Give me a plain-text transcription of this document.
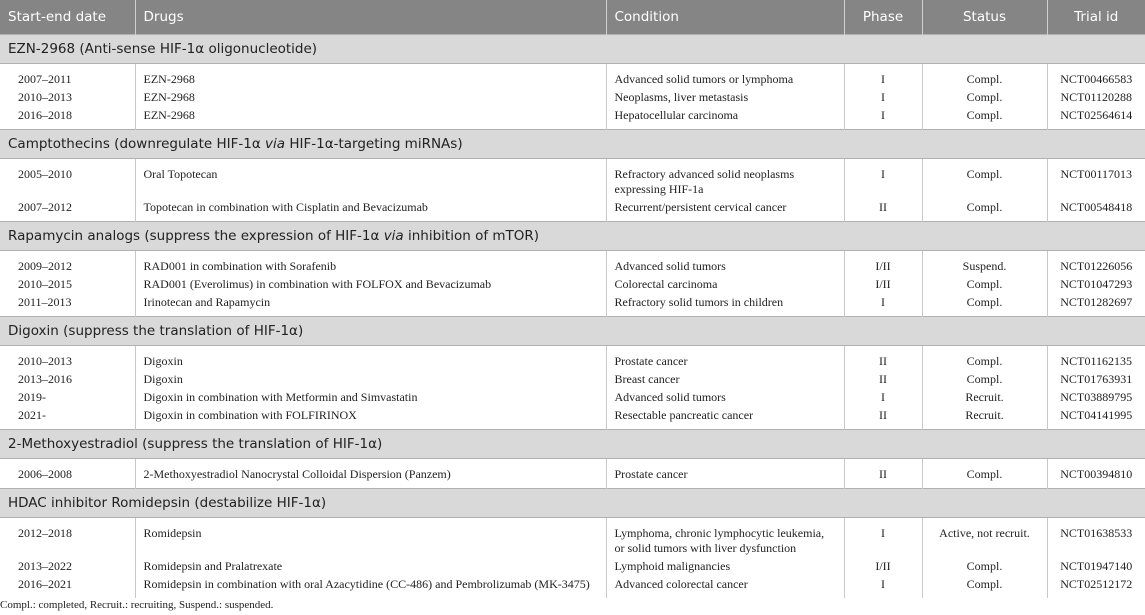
Start-end date	Drugs	Condition	Phase	Status	Trial id
EZN-2968 (Anti-sense HIF-1α oligonucleotide)					
2007–2011	EZN-2968	Advanced solid tumors or lymphoma	I	Compl.	NCT00466583
2010–2013	EZN-2968	Neoplasms, liver metastasis	I	Compl.	NCT01120288
2016–2018	EZN-2968	Hepatocellular carcinoma	I	Compl.	NCT02564614
Camptothecins (downregulate HIF-1α via HIF-1α-targeting miRNAs)					
2005–2010	Oral Topotecan	Refractory advanced solid neoplasms expressing HIF-1a	I	Compl.	NCT00117013
2007–2012	Topotecan in combination with Cisplatin and Bevacizumab	Recurrent/persistent cervical cancer	II	Compl.	NCT00548418
Rapamycin analogs (suppress the expression of HIF-1α via inhibition of mTOR)					
2009–2012	RAD001 in combination with Sorafenib	Advanced solid tumors	I/II	Suspend.	NCT01226056
2010–2015	RAD001 (Everolimus) in combination with FOLFOX and Bevacizumab	Colorectal carcinoma	I/II	Compl.	NCT01047293
2011–2013	Irinotecan and Rapamycin	Refractory solid tumors in children	I	Compl.	NCT01282697
Digoxin (suppress the translation of HIF-1α)					
2010–2013	Digoxin	Prostate cancer	II	Compl.	NCT01162135
2013–2016	Digoxin	Breast cancer	II	Compl.	NCT01763931
2019-	Digoxin in combination with Metformin and Simvastatin	Advanced solid tumors	I	Recruit.	NCT03889795
2021-	Digoxin in combination with FOLFIRINOX	Resectable pancreatic cancer	II	Recruit.	NCT04141995
2-Methoxyestradiol (suppress the translation of HIF-1α)					
2006–2008	2-Methoxyestradiol Nanocrystal Colloidal Dispersion (Panzem)	Prostate cancer	II	Compl.	NCT00394810
HDAC inhibitor Romidepsin (destabilize HIF-1α)					
2012–2018	Romidepsin	Lymphoma, chronic lymphocytic leukemia, or solid tumors with liver dysfunction	I	Active, not recruit.	NCT01638533
2013–2022	Romidepsin and Pralatrexate	Lymphoid malignancies	I/II	Compl.	NCT01947140
2016–2021	Romidepsin in combination with oral Azacytidine (CC-486) and Pembrolizumab (MK-3475)	Advanced colorectal cancer	I	Compl.	NCT02512172
Compl.: completed, Recruit.: recruiting, Suspend.: suspended.
